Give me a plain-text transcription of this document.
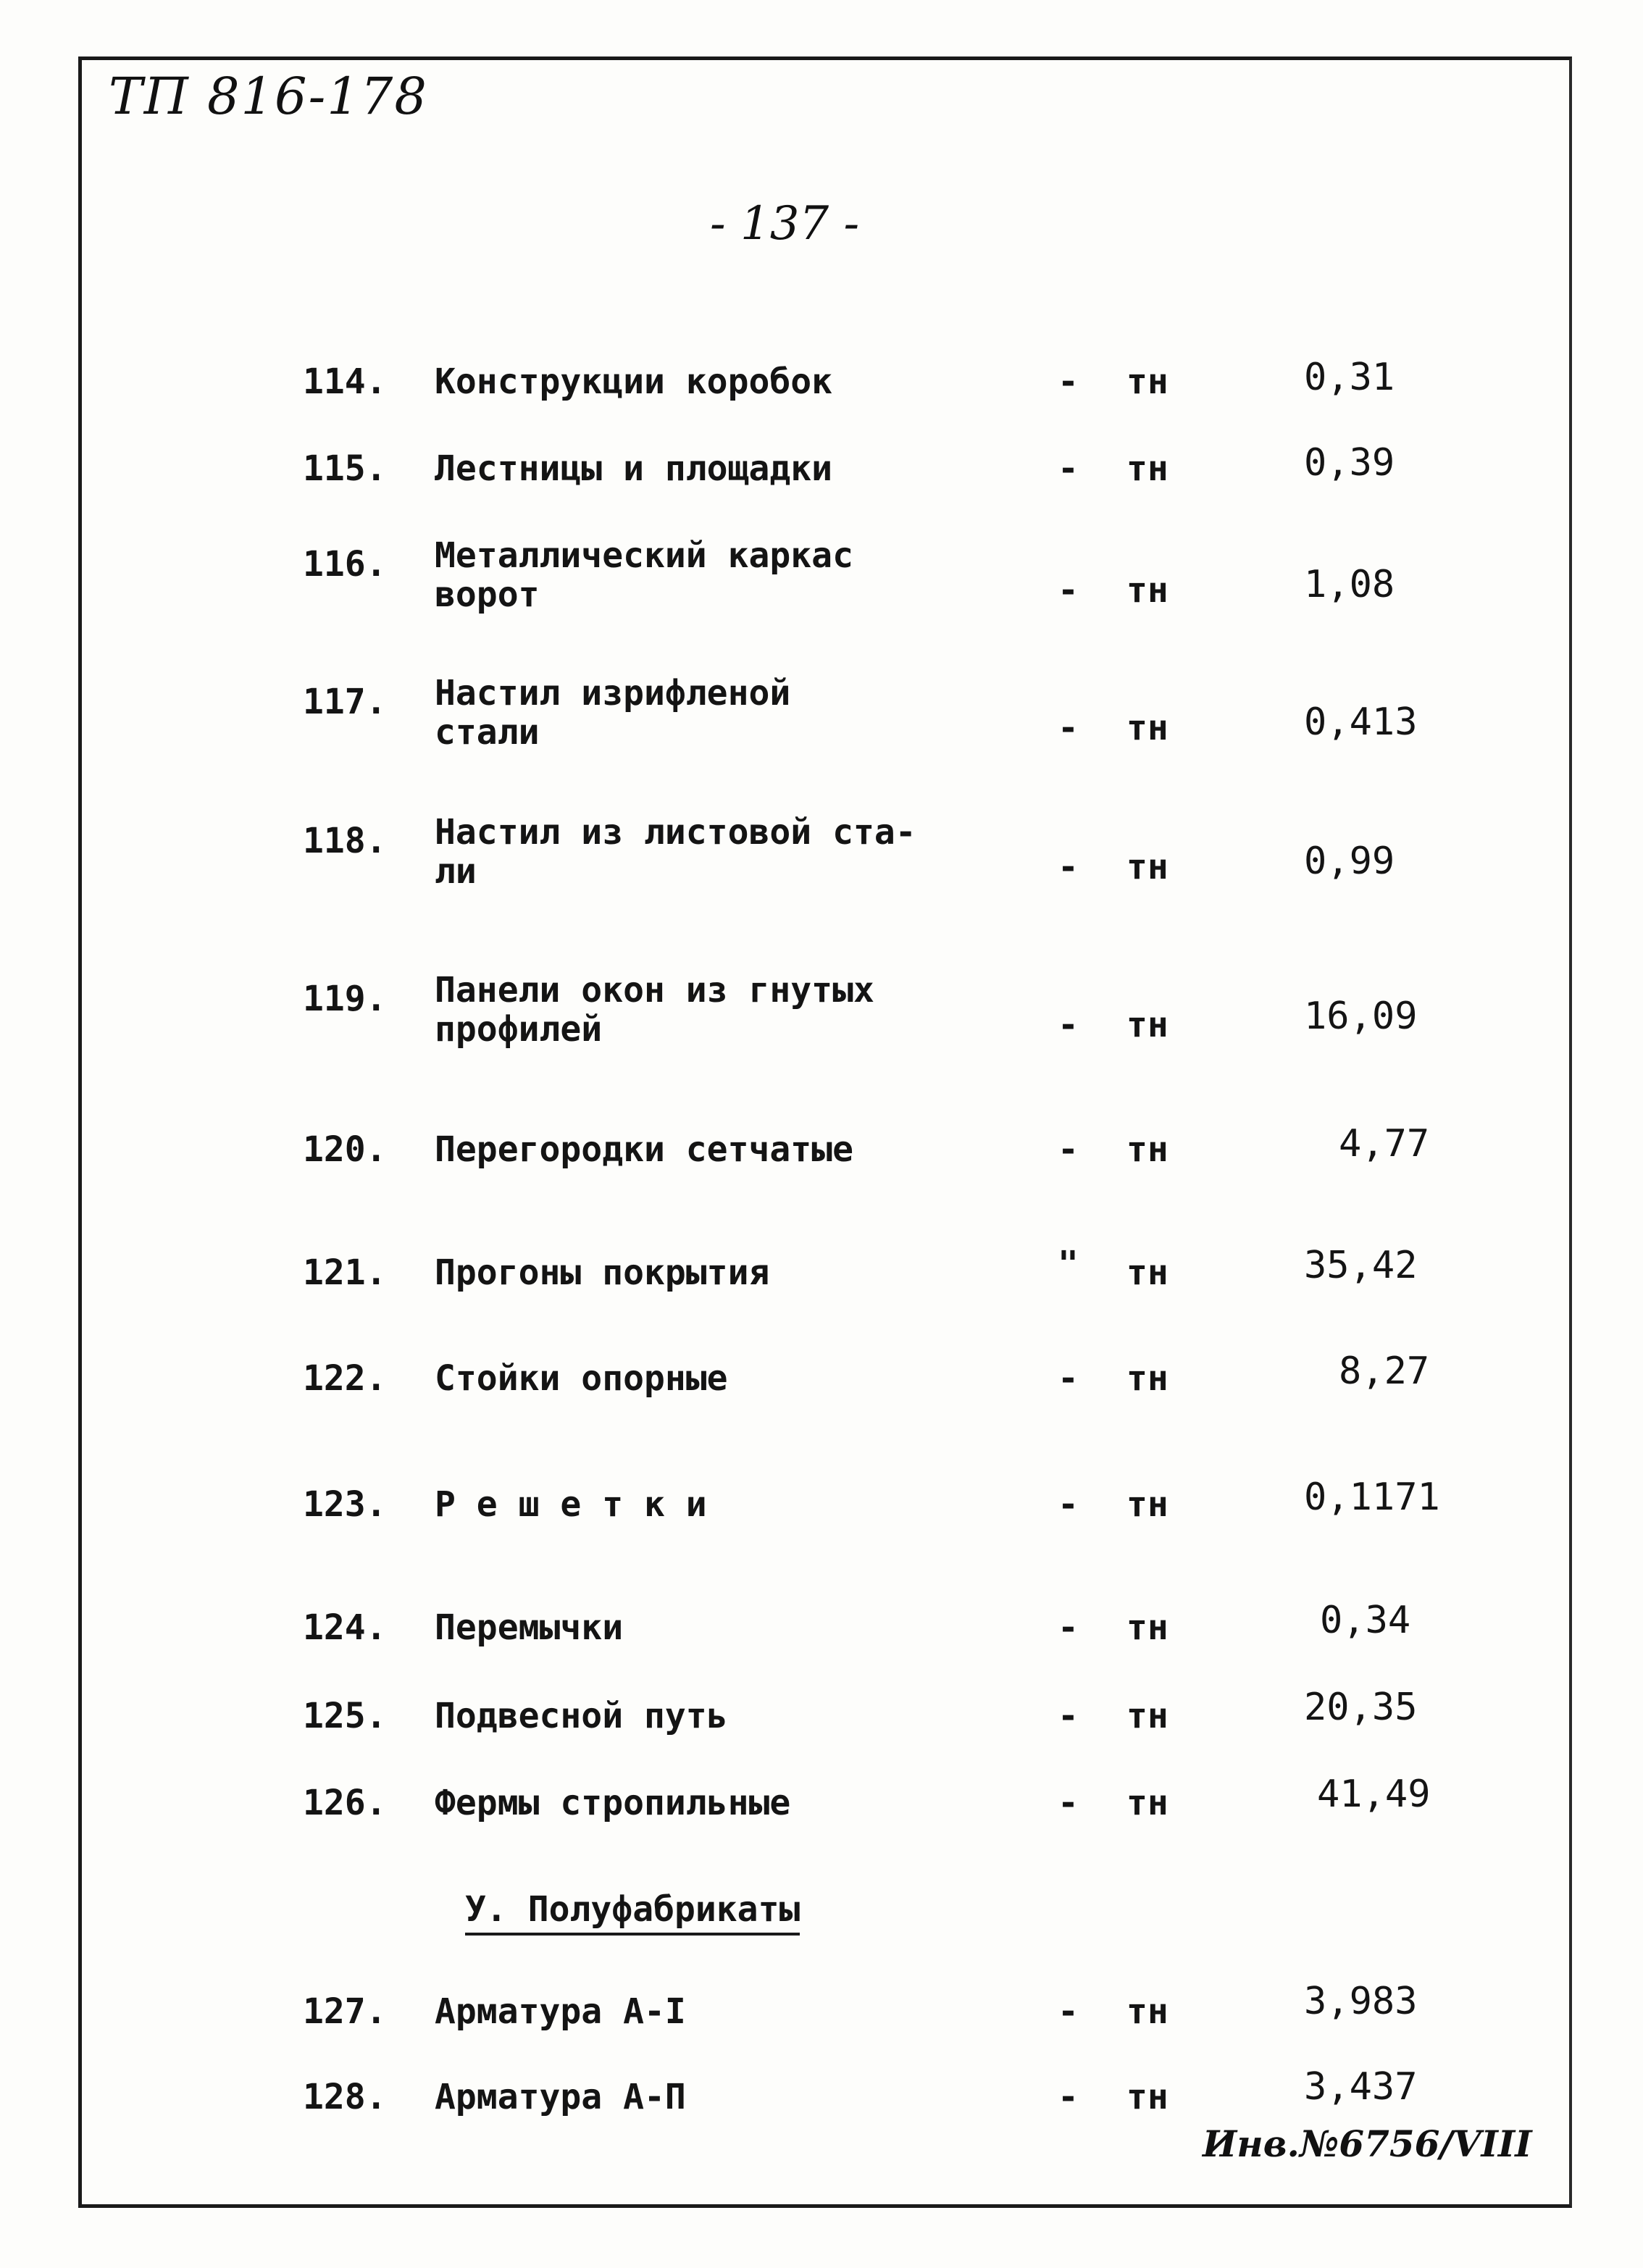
ТП 816-178
- 137 -
114. Конструкции коробок	- тн	0,31
115. Лестницы и площадки	- тн	0,39
116. Металлический каркас
ворот	- тн	1,08
117. Настил изрифленой
стали	- тн	0,413
118. Настил из листовой ста-
ли	- тн	0,99
119. Панели окон из гнутых
профилей	- тн	16,09
120. Перегородки сетчатые	- тн	4,77
121. Прогоны покрытия	" тн	35,42
122. Стойки опорные	- тн	8,27
123. Р е ш е т к и	- тн	0,1171
124. Перемычки	- тн	0,34
125. Подвесной путь	- тн	20,35
126. Фермы стропильные	- тн	41,49
У. Полуфабрикаты
127. Арматура А-I	- тн	3,983
128. Арматура А-П	- тн	3,437
Инв.№6756/VIII
